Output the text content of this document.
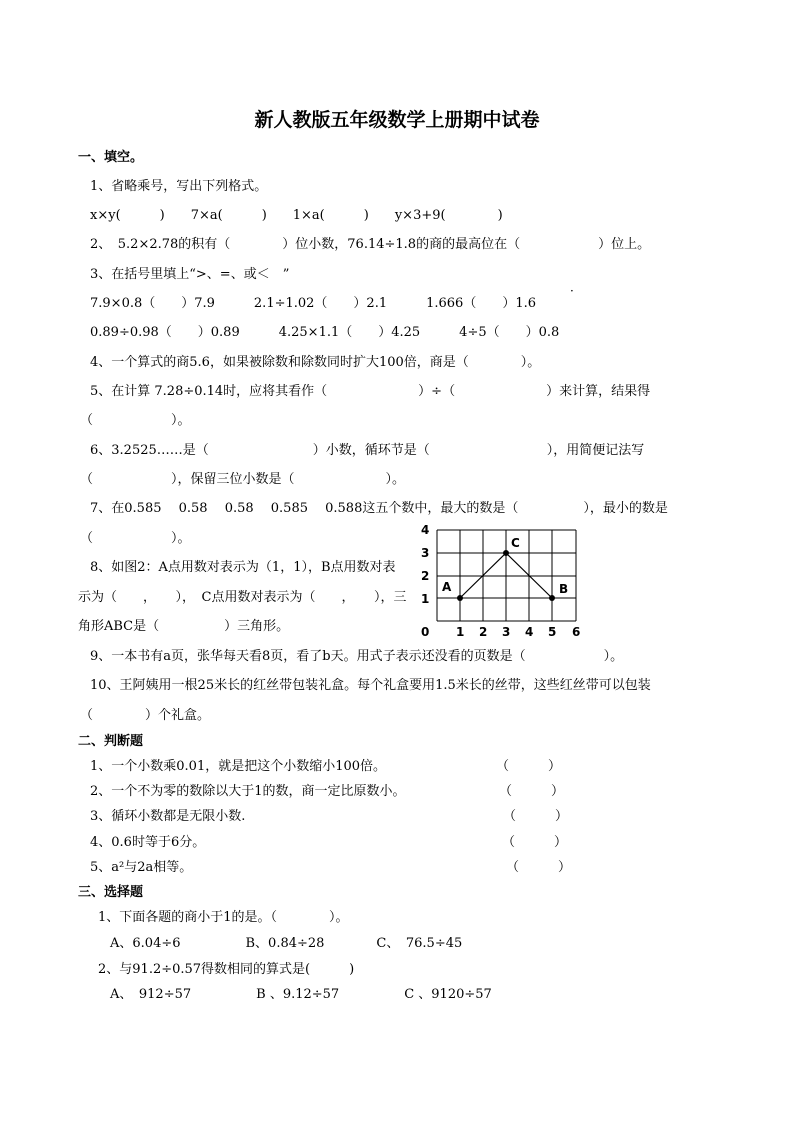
新人教版五年级数学上册期中试卷
一、填空。
1、省略乘号，写出下列格式。
x×y(　　　)　　7×a(　　　)　　1×a(　　　)　　y×3+9(　　　　)
2、　5.2×2.78的积有（　　　　）位小数，76.14÷1.8的商的最高位在（　　　　　　）位上。
3、在括号里填上“>、=、或＜　”
7.9×0.8（　　）7.9　　　2.1÷1.02（　　）2.1　　　1.666（　　）1.6
·
0.89÷0.98（　　）0.89　　　4.25×1.1（　　）4.25　　　4÷5（　　）0.8
4、一个算式的商5.6，如果被除数和除数同时扩大100倍，商是（　　　　）。
5、在计算 7.28÷0.14时，应将其看作（　　　　　　　）÷（　　　　　　　）来计算，结果得
（　　　　　　）。
6、3.2525……是（　　　　　　　　）小数，循环节是（　　　　　　　　　），用简便记法写
（　　　　　　），保留三位小数是（　　　　　　　）。
7、在0.585　 0.58　 0.58　 0.585　 0.588这五个数中，最大的数是（　　　　　），最小的数是
（　　　　　　）。
8、如图2：A点用数对表示为（1，1），B点用数对表
示为（　　，　　），　C点用数对表示为（　　，　　），三
角形ABC是（　　　　　）三角形。
A	B
C
4
3
2
1
0 1 2 3 4 5 6
9、一本书有a页，张华每天看8页，看了b天。用式子表示还没看的页数是（　　　　　　）。
10、王阿姨用一根25米长的红丝带包装礼盒。每个礼盒要用1.5米长的丝带，这些红丝带可以包装
（　　　　）个礼盒。
二、判断题
1、一个小数乘0.01，就是把这个小数缩小100倍。	（　　　）
2、一个不为零的数除以大于1的数，商一定比原数小。	（　　　）
3、循环小数都是无限小数.	（　　　）
4、0.6时等于6分。	（　　　）
5、a²与2a相等。	（　　　）
三、选择题
1、下面各题的商小于1的是。（　　　　）。
A、6.04÷6　　　　　B、0.84÷28　　　　C、　76.5÷45
2、与91.2÷0.57得数相同的算式是(　　　)
A、　912÷57　　　　　B 、9.12÷57　　　　　C 、9120÷57
